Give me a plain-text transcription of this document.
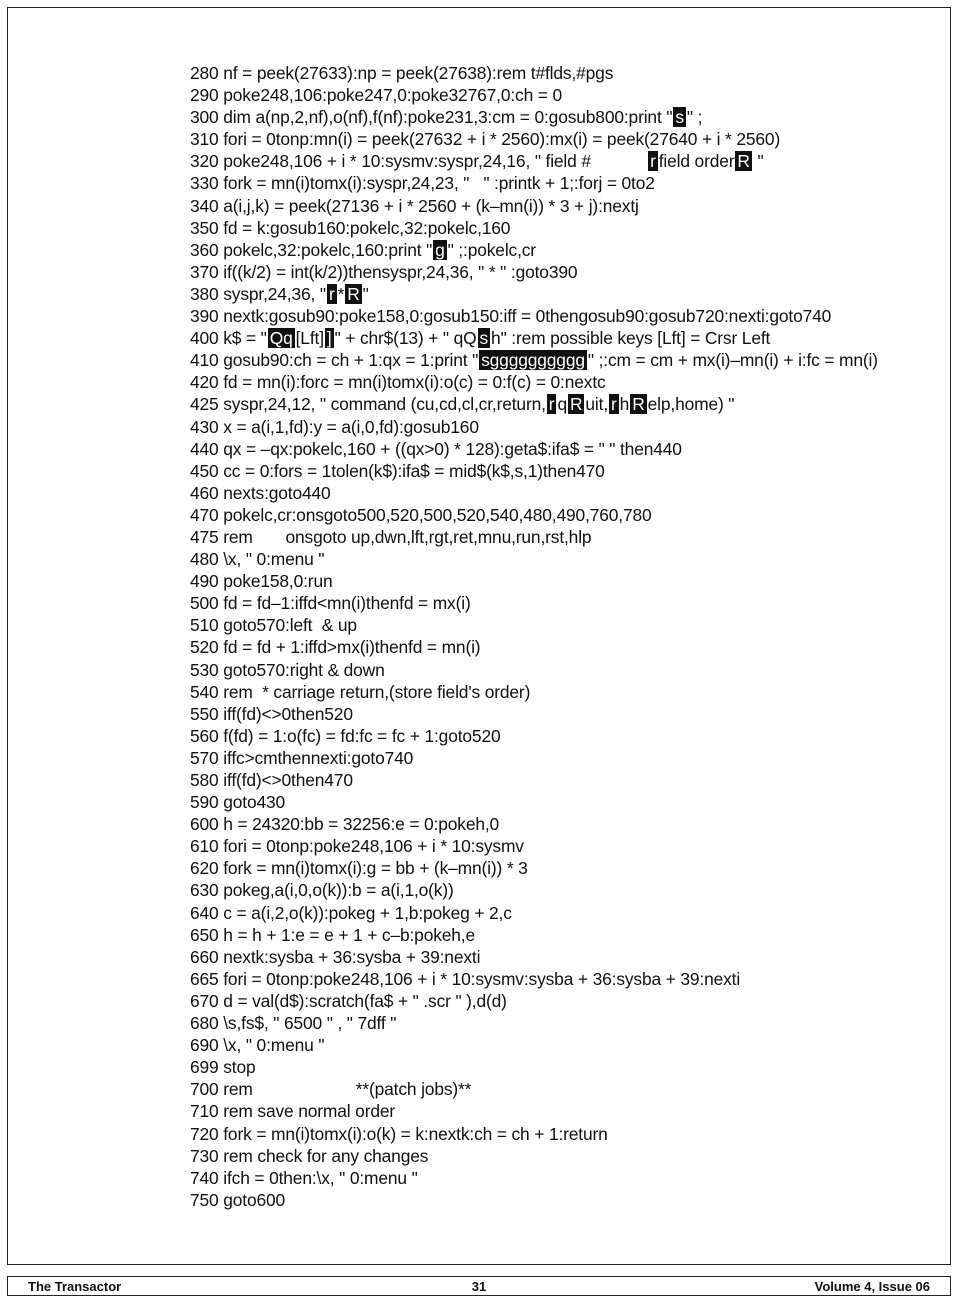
280 nf = peek(27633):np = peek(27638):rem t#flds,#pgs
290 poke248,106:poke247,0:poke32767,0:ch = 0
300 dim a(np,2,nf),o(nf),f(nf):poke231,3:cm = 0:gosub800:print " s " ;
310 fori = 0tonp:mn(i) = peek(27632 + i * 2560):mx(i) = peek(27640 + i * 2560)
320 poke248,106 + i * 10:sysmv:syspr,24,16, " field #            r field order R "
330 fork = mn(i)tomx(i):syspr,24,23, "   " :printk + 1;:forj = 0to2
340 a(i,j,k) = peek(27136 + i * 2560 + (k–mn(i)) * 3 + j):nextj
350 fd = k:gosub160:pokelc,32:pokelc,160
360 pokelc,32:pokelc,160:print " g " ;:pokelc,cr
370 if((k/2) = int(k/2))thensyspr,24,36, " * " :goto390
380 syspr,24,36, " r * R "
390 nextk:gosub90:poke158,0:gosub150:iff = 0thengosub90:gosub720:nexti:goto740
400 k$ = " Qq [Lft] ] " + chr$(13) + " qQ s h" :rem possible keys [Lft] = Crsr Left
410 gosub90:ch = ch + 1:qx = 1:print " sgggggggggg " ;:cm = cm + mx(i)–mn(i) + i:fc = mn(i)
420 fd = mn(i):forc = mn(i)tomx(i):o(c) = 0:f(c) = 0:nextc
425 syspr,24,12, " command (cu,cd,cl,cr,return, r q R uit, r h R elp,home) "
430 x = a(i,1,fd):y = a(i,0,fd):gosub160
440 qx = –qx:pokelc,160 + ((qx>0) * 128):geta$:ifa$ = " " then440
450 cc = 0:fors = 1tolen(k$):ifa$ = mid$(k$,s,1)then470
460 nexts:goto440
470 pokelc,cr:onsgoto500,520,500,520,540,480,490,760,780
475 rem       onsgoto up,dwn,lft,rgt,ret,mnu,run,rst,hlp
480 \x, " 0:menu "
490 poke158,0:run
500 fd = fd–1:iffd<mn(i)thenfd = mx(i)
510 goto570:left  & up
520 fd = fd + 1:iffd>mx(i)thenfd = mn(i)
530 goto570:right & down
540 rem  * carriage return,(store field's order)
550 iff(fd)<>0then520
560 f(fd) = 1:o(fc) = fd:fc = fc + 1:goto520
570 iffc>cmthennexti:goto740
580 iff(fd)<>0then470
590 goto430
600 h = 24320:bb = 32256:e = 0:pokeh,0
610 fori = 0tonp:poke248,106 + i * 10:sysmv
620 fork = mn(i)tomx(i):g = bb + (k–mn(i)) * 3
630 pokeg,a(i,0,o(k)):b = a(i,1,o(k))
640 c = a(i,2,o(k)):pokeg + 1,b:pokeg + 2,c
650 h = h + 1:e = e + 1 + c–b:pokeh,e
660 nextk:sysba + 36:sysba + 39:nexti
665 fori = 0tonp:poke248,106 + i * 10:sysmv:sysba + 36:sysba + 39:nexti
670 d = val(d$):scratch(fa$ + " .scr " ),d(d)
680 \s,fs$, " 6500 " , " 7dff "
690 \x, " 0:menu "
699 stop
700 rem                      **(patch jobs)**
710 rem save normal order
720 fork = mn(i)tomx(i):o(k) = k:nextk:ch = ch + 1:return
730 rem check for any changes
740 ifch = 0then:\x, " 0:menu "
750 goto600
The Transactor	31	Volume 4, Issue 06
